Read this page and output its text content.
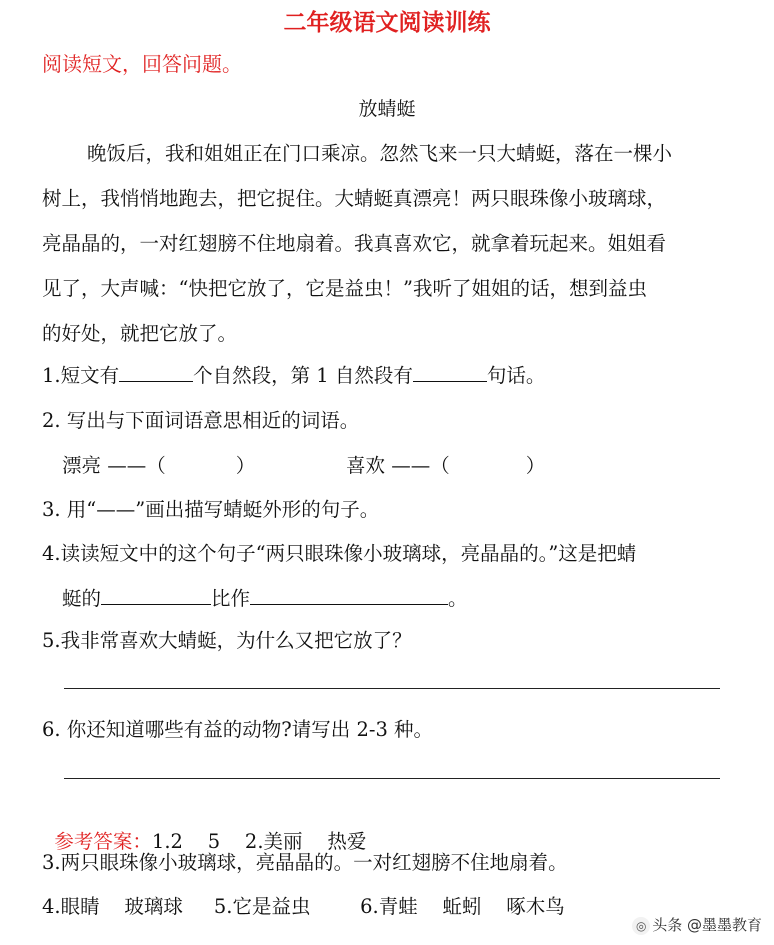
二年级语文阅读训练
阅读短文，回答问题。
放蜻蜓
晚饭后，我和姐姐正在门口乘凉。忽然飞来一只大蜻蜓，落在一棵小
树上，我悄悄地跑去，把它捉住。大蜻蜓真漂亮！两只眼珠像小玻璃球，
亮晶晶的，一对红翅膀不住地扇着。我真喜欢它，就拿着玩起来。姐姐看
见了，大声喊：“快把它放了，它是益虫！”我听了姐姐的话，想到益虫
的好处，就把它放了。
1.短文有	个自然段，第 1 自然段有	句话。
2. 写出与下面词语意思相近的词语。
漂亮 ——（	）	喜欢 ——（	）
3. 用“——”画出描写蜻蜓外形的句子。
4.读读短文中的这个句子“两只眼珠像小玻璃球，亮晶晶的。”这是把蜻
蜓的	比作	。
5.我非常喜欢大蜻蜓，为什么又把它放了？
6. 你还知道哪些有益的动物?请写出 2-3 种。

参考答案：1.2    5    2.美丽    热爱

3.两只眼珠像小玻璃球，亮晶晶的。一对红翅膀不住地扇着。
4.眼睛    玻璃球     5.它是益虫        6.青蛙    蚯蚓    啄木鸟
◎ 头条 @墨墨教育
